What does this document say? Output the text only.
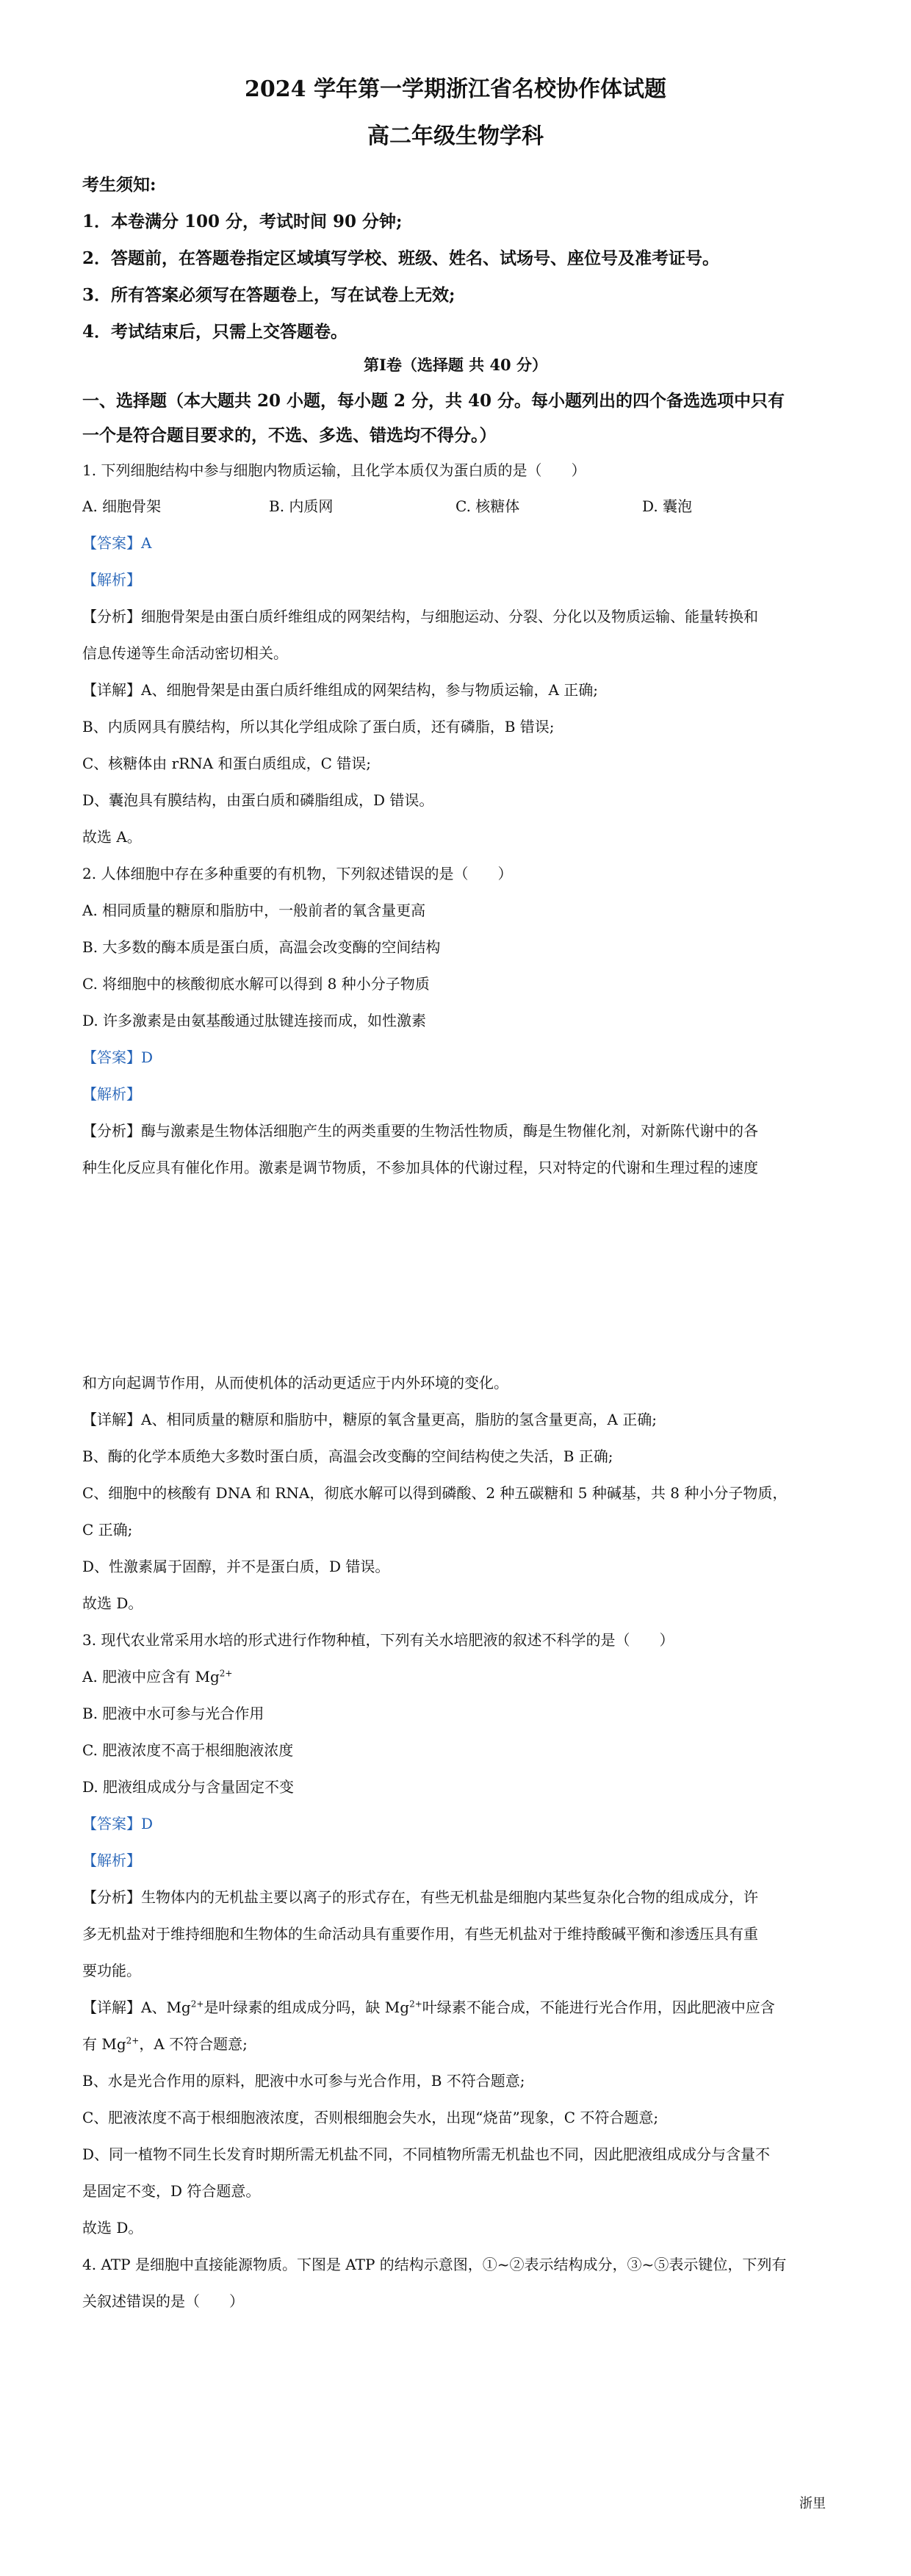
2024 学年第一学期浙江省名校协作体试题
高二年级生物学科
考生须知:
1．本卷满分 100 分，考试时间 90 分钟;
2．答题前，在答题卷指定区域填写学校、班级、姓名、试场号、座位号及准考证号。
3．所有答案必须写在答题卷上，写在试卷上无效;
4．考试结束后，只需上交答题卷。
第Ⅰ卷（选择题 共 40 分）
一、选择题（本大题共 20 小题，每小题 2 分，共 40 分。每小题列出的四个备选选项中只有
一个是符合题目要求的，不选、多选、错选均不得分。）
1. 下列细胞结构中参与细胞内物质运输，且化学本质仅为蛋白质的是（　　）
A. 细胞骨架	B. 内质网	C. 核糖体	D. 囊泡
【答案】A
【解析】
【分析】细胞骨架是由蛋白质纤维组成的网架结构，与细胞运动、分裂、分化以及物质运输、能量转换和
信息传递等生命活动密切相关。
【详解】A、细胞骨架是由蛋白质纤维组成的网架结构，参与物质运输，A 正确;
B、内质网具有膜结构，所以其化学组成除了蛋白质，还有磷脂，B 错误;
C、核糖体由 rRNA 和蛋白质组成，C 错误;
D、囊泡具有膜结构，由蛋白质和磷脂组成，D 错误。
故选 A。
2. 人体细胞中存在多种重要的有机物，下列叙述错误的是（　　）
A. 相同质量的糖原和脂肪中，一般前者的氧含量更高
B. 大多数的酶本质是蛋白质，高温会改变酶的空间结构
C. 将细胞中的核酸彻底水解可以得到 8 种小分子物质
D. 许多激素是由氨基酸通过肽键连接而成，如性激素
【答案】D
【解析】
【分析】酶与激素是生物体活细胞产生的两类重要的生物活性物质，酶是生物催化剂，对新陈代谢中的各
种生化反应具有催化作用。激素是调节物质，不参加具体的代谢过程，只对特定的代谢和生理过程的速度
和方向起调节作用，从而使机体的活动更适应于内外环境的变化。
【详解】A、相同质量的糖原和脂肪中，糖原的氧含量更高，脂肪的氢含量更高，A 正确;
B、酶的化学本质绝大多数时蛋白质，高温会改变酶的空间结构使之失活，B 正确;
C、细胞中的核酸有 DNA 和 RNA，彻底水解可以得到磷酸、2 种五碳糖和 5 种碱基，共 8 种小分子物质，
C 正确;
D、性激素属于固醇，并不是蛋白质，D 错误。
故选 D。
3. 现代农业常采用水培的形式进行作物种植，下列有关水培肥液的叙述不科学的是（　　）
A. 肥液中应含有 $Mg^{2+}$
B. 肥液中水可参与光合作用
C. 肥液浓度不高于根细胞液浓度
D. 肥液组成成分与含量固定不变
【答案】D
【解析】
【分析】生物体内的无机盐主要以离子的形式存在，有些无机盐是细胞内某些复杂化合物的组成成分，许
多无机盐对于维持细胞和生物体的生命活动具有重要作用，有些无机盐对于维持酸碱平衡和渗透压具有重
要功能。
【详解】A、$Mg^{2+}$是叶绿素的组成成分吗，缺 $Mg^{2+}$叶绿素不能合成，不能进行光合作用，因此肥液中应含
有 $Mg^{2+}$，A 不符合题意;
B、水是光合作用的原料，肥液中水可参与光合作用，B 不符合题意;
C、肥液浓度不高于根细胞液浓度，否则根细胞会失水，出现“烧苗”现象，C 不符合题意;
D、同一植物不同生长发育时期所需无机盐不同，不同植物所需无机盐也不同，因此肥液组成成分与含量不
是固定不变，D 符合题意。
故选 D。
4. ATP 是细胞中直接能源物质。下图是 ATP 的结构示意图，①~②表示结构成分，③~⑤表示键位，下列有
关叙述错误的是（　　）
浙里
